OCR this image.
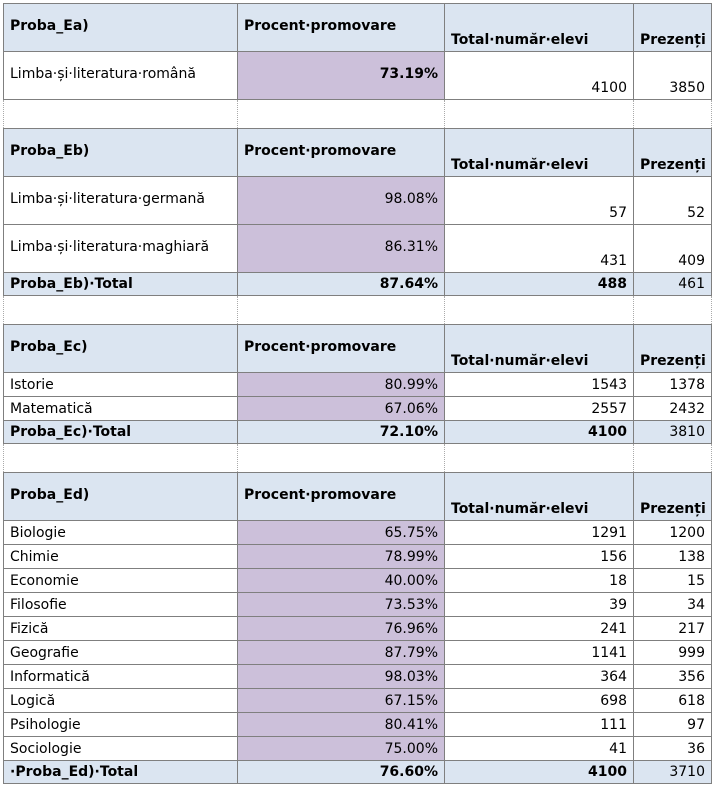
Proba_Ea)	Procent·promovare	Total·număr·elevi	Prezenți
Limba·și·literatura·română	73.19%	4100	3850

Proba_Eb)	Procent·promovare	Total·număr·elevi	Prezenți
Limba·și·literatura·germană	98.08%	57	52
Limba·și·literatura·maghiară	86.31%	431	409
Proba_Eb)·Total	87.64%	488	461

Proba_Ec)	Procent·promovare	Total·număr·elevi	Prezenți
Istorie	80.99%	1543	1378
Matematică	67.06%	2557	2432
Proba_Ec)·Total	72.10%	4100	3810

Proba_Ed)	Procent·promovare	Total·număr·elevi	Prezenți
Biologie	65.75%	1291	1200
Chimie	78.99%	156	138
Economie	40.00%	18	15
Filosofie	73.53%	39	34
Fizică	76.96%	241	217
Geografie	87.79%	1141	999
Informatică	98.03%	364	356
Logică	67.15%	698	618
Psihologie	80.41%	111	97
Sociologie	75.00%	41	36
·Proba_Ed)·Total	76.60%	4100	3710
